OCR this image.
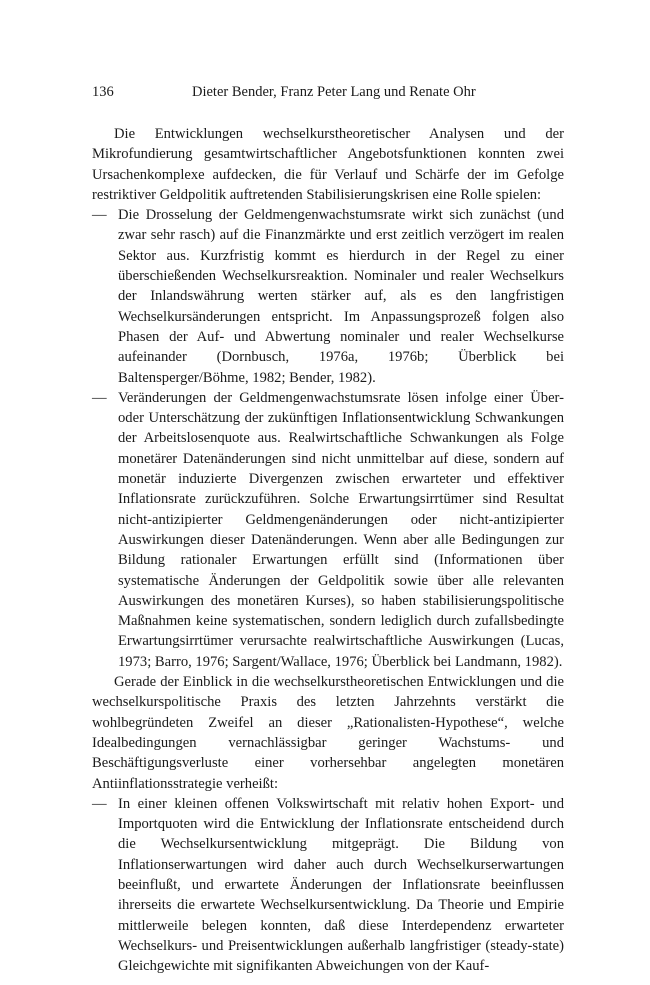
136	Dieter Bender, Franz Peter Lang und Renate Ohr

Die Entwicklungen wechselkurstheoretischer Analysen und der Mikrofundierung gesamtwirtschaftlicher Angebotsfunktionen konnten zwei Ursachenkomplexe aufdecken, die für Verlauf und Schärfe der im Gefolge restriktiver Geldpolitik auftretenden Stabilisierungskrisen eine Rolle spielen:

— Die Drosselung der Geldmengenwachstumsrate wirkt sich zunächst (und zwar sehr rasch) auf die Finanzmärkte und erst zeitlich verzögert im realen Sektor aus. Kurzfristig kommt es hierdurch in der Regel zu einer überschießenden Wechselkursreaktion. Nominaler und realer Wechselkurs der Inlandswährung werten stärker auf, als es den langfristigen Wechselkursänderungen entspricht. Im Anpassungsprozeß folgen also Phasen der Auf- und Abwertung nominaler und realer Wechselkurse aufeinander (Dornbusch, 1976a, 1976b; Überblick bei Baltensperger/Böhme, 1982; Bender, 1982).

— Veränderungen der Geldmengenwachstumsrate lösen infolge einer Über- oder Unterschätzung der zukünftigen Inflationsentwicklung Schwankungen der Arbeitslosenquote aus. Realwirtschaftliche Schwankungen als Folge monetärer Datenänderungen sind nicht unmittelbar auf diese, sondern auf monetär induzierte Divergenzen zwischen erwarteter und effektiver Inflationsrate zurückzuführen. Solche Erwartungsirrtümer sind Resultat nicht-antizipierter Geldmengenänderungen oder nicht-antizipierter Auswirkungen dieser Datenänderungen. Wenn aber alle Bedingungen zur Bildung rationaler Erwartungen erfüllt sind (Informationen über systematische Änderungen der Geldpolitik sowie über alle relevanten Auswirkungen des monetären Kurses), so haben stabilisierungspolitische Maßnahmen keine systematischen, sondern lediglich durch zufallsbedingte Erwartungsirrtümer verursachte realwirtschaftliche Auswirkungen (Lucas, 1973; Barro, 1976; Sargent/Wallace, 1976; Überblick bei Landmann, 1982).

Gerade der Einblick in die wechselkurstheoretischen Entwicklungen und die wechselkurspolitische Praxis des letzten Jahrzehnts verstärkt die wohlbegründeten Zweifel an dieser „Rationalisten-Hypothese“, welche Idealbedingungen vernachlässigbar geringer Wachstums- und Beschäftigungsverluste einer vorhersehbar angelegten monetären Antiinflationsstrategie verheißt:

— In einer kleinen offenen Volkswirtschaft mit relativ hohen Export- und Importquoten wird die Entwicklung der Inflationsrate entscheidend durch die Wechselkursentwicklung mitgeprägt. Die Bildung von Inflationserwartungen wird daher auch durch Wechselkurserwartungen beeinflußt, und erwartete Änderungen der Inflationsrate beeinflussen ihrerseits die erwartete Wechselkursentwicklung. Da Theorie und Empirie mittlerweile belegen konnten, daß diese Interdependenz erwarteter Wechselkurs- und Preisentwicklungen außerhalb langfristiger (steady-state) Gleichgewichte mit signifikanten Abweichungen von der Kauf-
